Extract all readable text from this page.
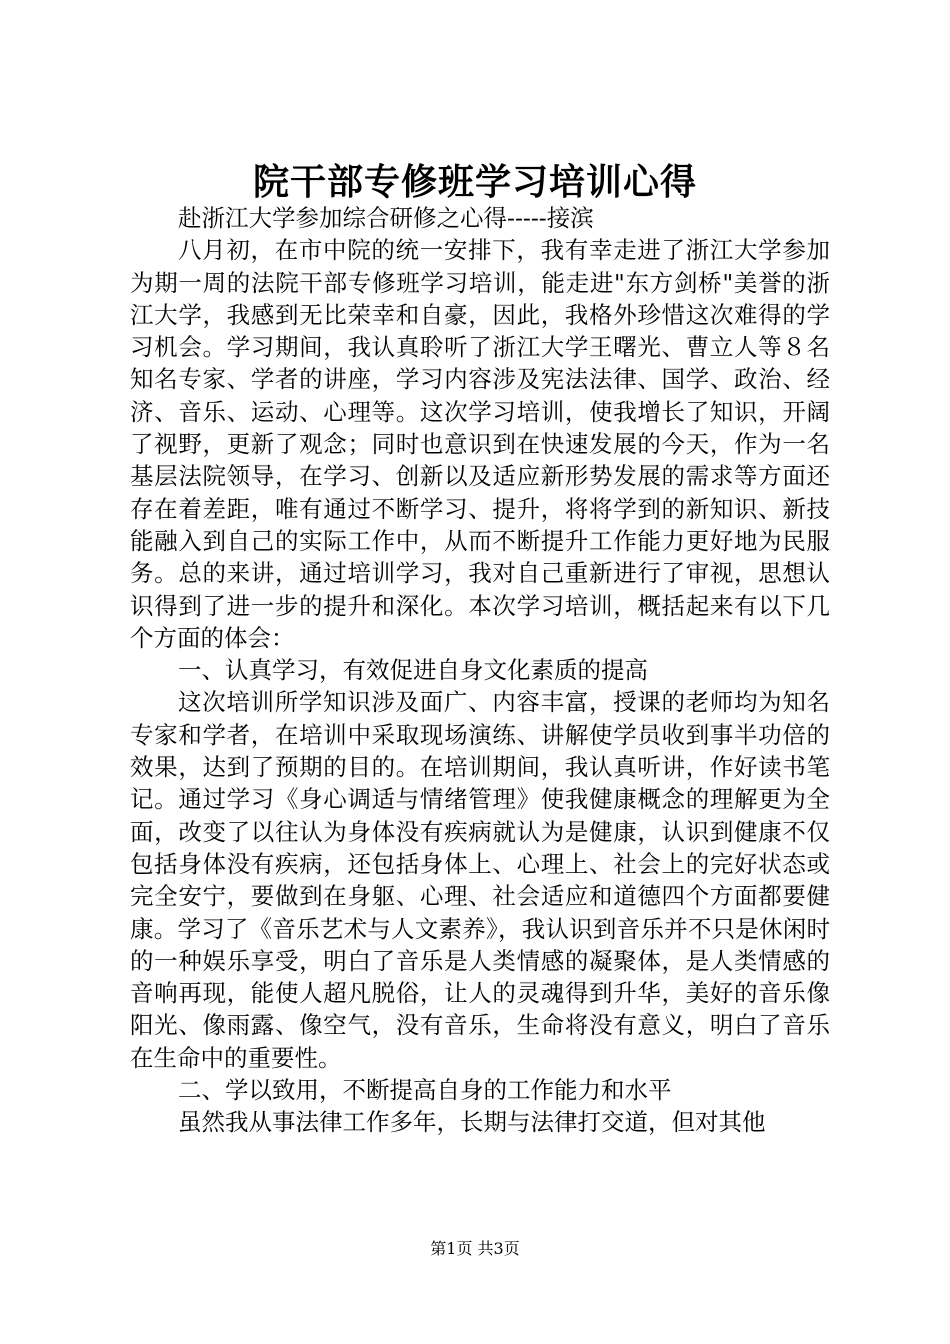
院干部专修班学习培训心得

赴浙江大学参加综合研修之心得-----接滨

八月初，在市中院的统一安排下，我有幸走进了浙江大学参加为期一周的法院干部专修班学习培训，能走进"东方剑桥"美誉的浙江大学，我感到无比荣幸和自豪，因此，我格外珍惜这次难得的学习机会。学习期间，我认真聆听了浙江大学王曙光、曹立人等８名知名专家、学者的讲座，学习内容涉及宪法法律、国学、政治、经济、音乐、运动、心理等。这次学习培训，使我增长了知识，开阔了视野，更新了观念；同时也意识到在快速发展的今天，作为一名基层法院领导，在学习、创新以及适应新形势发展的需求等方面还存在着差距，唯有通过不断学习、提升，将将学到的新知识、新技能融入到自己的实际工作中，从而不断提升工作能力更好地为民服务。总的来讲，通过培训学习，我对自己重新进行了审视，思想认识得到了进一步的提升和深化。本次学习培训，概括起来有以下几个方面的体会：

一、认真学习，有效促进自身文化素质的提高

这次培训所学知识涉及面广、内容丰富，授课的老师均为知名专家和学者，在培训中采取现场演练、讲解使学员收到事半功倍的效果，达到了预期的目的。在培训期间，我认真听讲，作好读书笔记。通过学习《身心调适与情绪管理》使我健康概念的理解更为全面，改变了以往认为身体没有疾病就认为是健康，认识到健康不仅包括身体没有疾病，还包括身体上、心理上、社会上的完好状态或完全安宁，要做到在身躯、心理、社会适应和道德四个方面都要健康。学习了《音乐艺术与人文素养》，我认识到音乐并不只是休闲时的一种娱乐享受，明白了音乐是人类情感的凝聚体，是人类情感的音响再现，能使人超凡脱俗，让人的灵魂得到升华，美好的音乐像阳光、像雨露、像空气，没有音乐，生命将没有意义，明白了音乐在生命中的重要性。

二、学以致用，不断提高自身的工作能力和水平

虽然我从事法律工作多年，长期与法律打交道，但对其他

第1页 共3页
